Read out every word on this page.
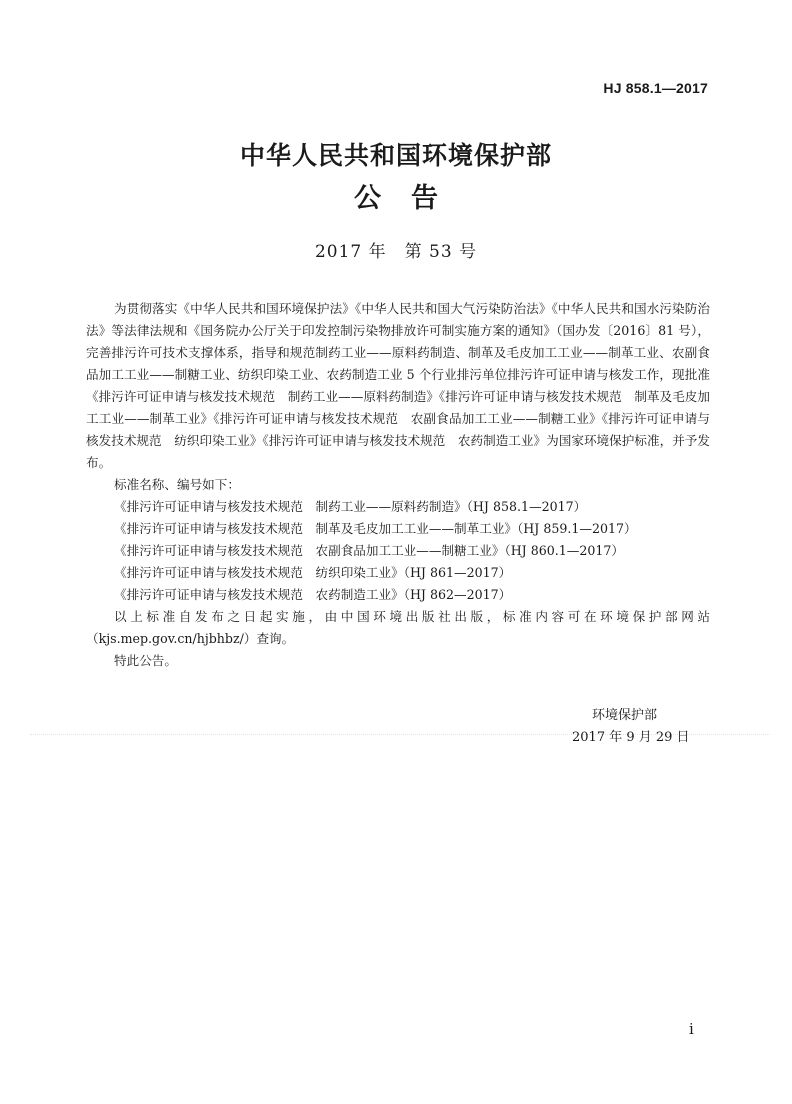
HJ 858.1—2017
中华人民共和国环境保护部
公告
2017 年　第 53 号

为贯彻落实《中华人民共和国环境保护法》《中华人民共和国大气污染防治法》《中华人民共和国水污染防治法》等法律法规和《国务院办公厅关于印发控制污染物排放许可制实施方案的通知》（国办发〔2016〕81 号），完善排污许可技术支撑体系，指导和规范制药工业——原料药制造、制革及毛皮加工工业——制革工业、农副食品加工工业——制糖工业、纺织印染工业、农药制造工业 5 个行业排污单位排污许可证申请与核发工作，现批准《排污许可证申请与核发技术规范　制药工业——原料药制造》《排污许可证申请与核发技术规范　制革及毛皮加工工业——制革工业》《排污许可证申请与核发技术规范　农副食品加工工业——制糖工业》《排污许可证申请与核发技术规范　纺织印染工业》《排污许可证申请与核发技术规范　农药制造工业》为国家环境保护标准，并予发布。

标准名称、编号如下：

《排污许可证申请与核发技术规范　制药工业——原料药制造》（HJ 858.1—2017）

《排污许可证申请与核发技术规范　制革及毛皮加工工业——制革工业》（HJ 859.1—2017）

《排污许可证申请与核发技术规范　农副食品加工工业——制糖工业》（HJ 860.1—2017）

《排污许可证申请与核发技术规范　纺织印染工业》（HJ 861—2017）

《排污许可证申请与核发技术规范　农药制造工业》（HJ 862—2017）

以上标准自发布之日起实施，由中国环境出版社出版，标准内容可在环境保护部网站（kjs.mep.gov.cn/hjbhbz/）查询。

特此公告。

环境保护部
2017 年 9 月 29 日
i
